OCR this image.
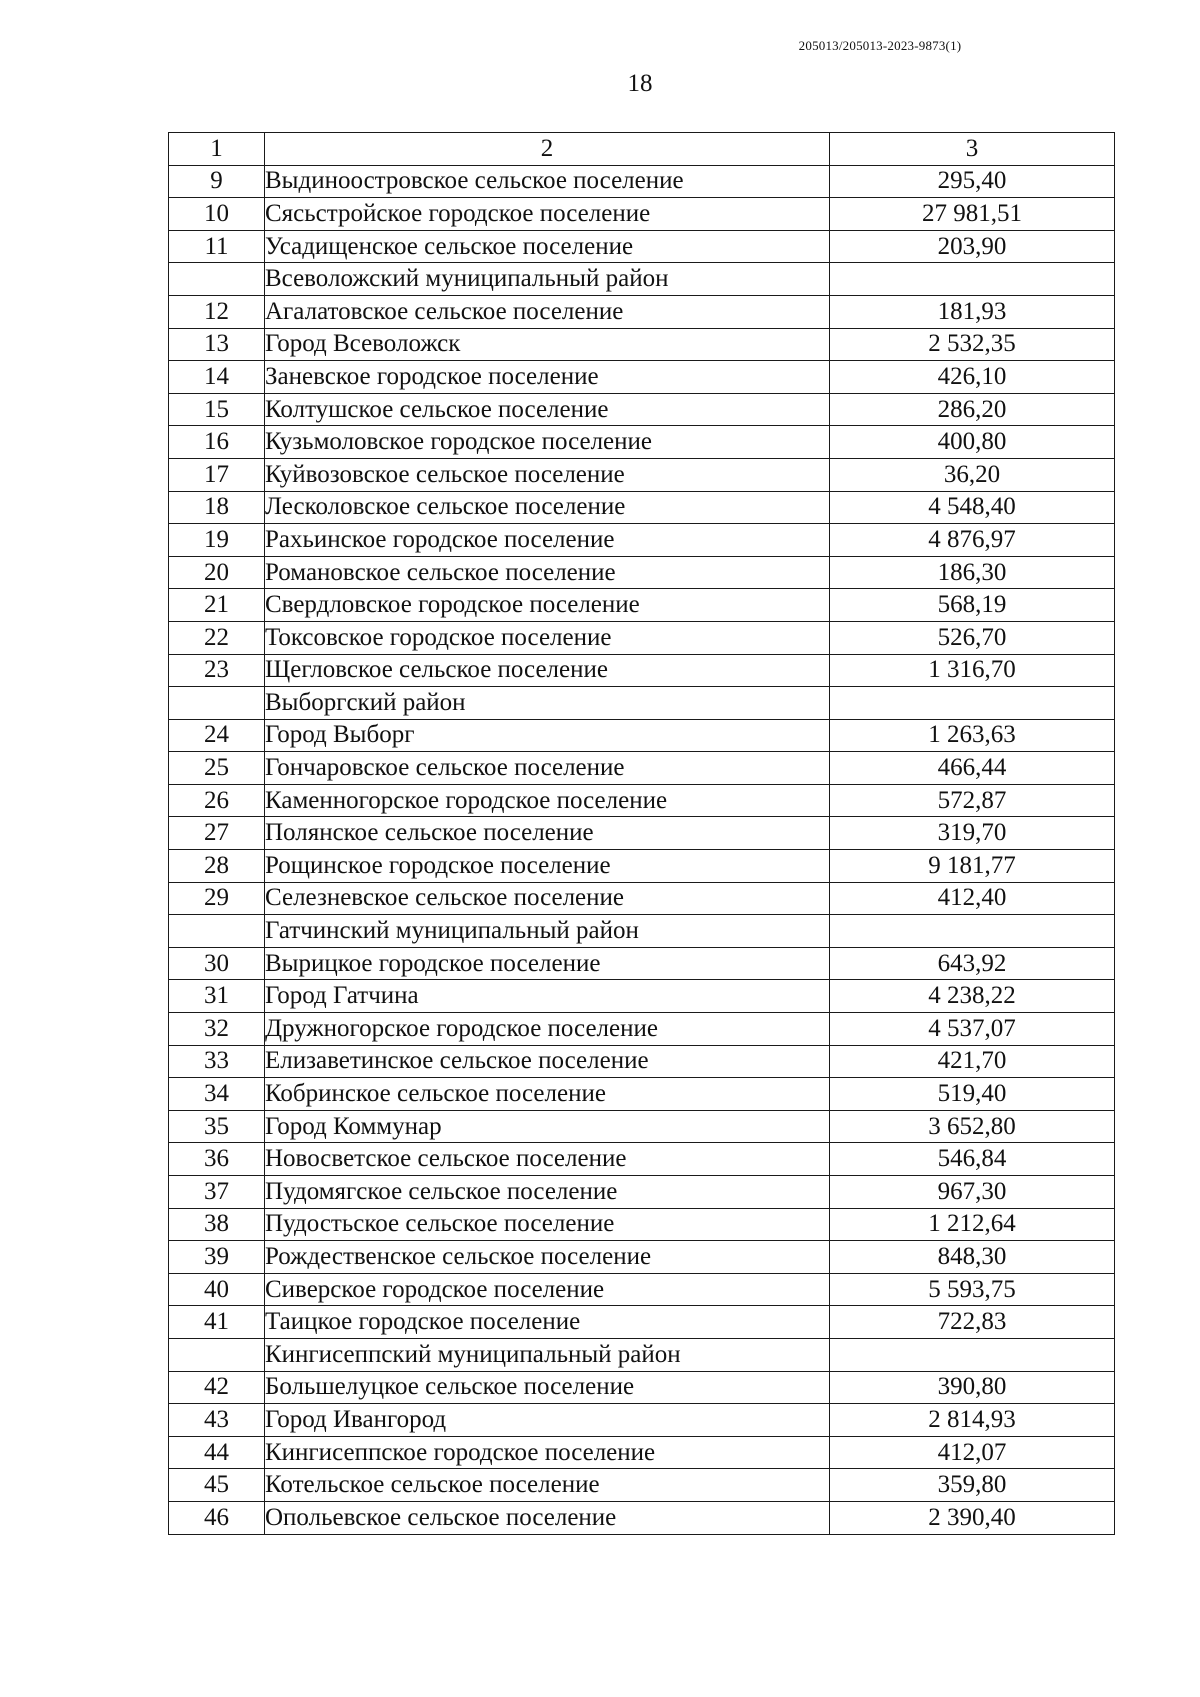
205013/205013-2023-9873(1)
18
1	2	3
9	Выдиноостровское сельское поселение	295,40
10	Сясьстройское городское поселение	27 981,51
11	Усадищенское сельское поселение	203,90
	Всеволожский муниципальный район	
12	Агалатовское сельское поселение	181,93
13	Город Всеволожск	2 532,35
14	Заневское городское поселение	426,10
15	Колтушское сельское поселение	286,20
16	Кузьмоловское городское поселение	400,80
17	Куйвозовское сельское поселение	36,20
18	Лесколовское сельское поселение	4 548,40
19	Рахьинское городское поселение	4 876,97
20	Романовское сельское поселение	186,30
21	Свердловское городское поселение	568,19
22	Токсовское городское поселение	526,70
23	Щегловское сельское поселение	1 316,70
	Выборгский район	
24	Город Выборг	1 263,63
25	Гончаровское сельское поселение	466,44
26	Каменногорское городское поселение	572,87
27	Полянское сельское поселение	319,70
28	Рощинское городское поселение	9 181,77
29	Селезневское сельское поселение	412,40
	Гатчинский муниципальный район	
30	Вырицкое городское поселение	643,92
31	Город Гатчина	4 238,22
32	Дружногорское городское поселение	4 537,07
33	Елизаветинское сельское поселение	421,70
34	Кобринское сельское поселение	519,40
35	Город Коммунар	3 652,80
36	Новосветское сельское поселение	546,84
37	Пудомягское сельское поселение	967,30
38	Пудостьское сельское поселение	1 212,64
39	Рождественское сельское поселение	848,30
40	Сиверское городское поселение	5 593,75
41	Таицкое городское поселение	722,83
	Кингисеппский муниципальный район	
42	Большелуцкое сельское поселение	390,80
43	Город Ивангород	2 814,93
44	Кингисеппское городское поселение	412,07
45	Котельское сельское поселение	359,80
46	Опольевское сельское поселение	2 390,40
